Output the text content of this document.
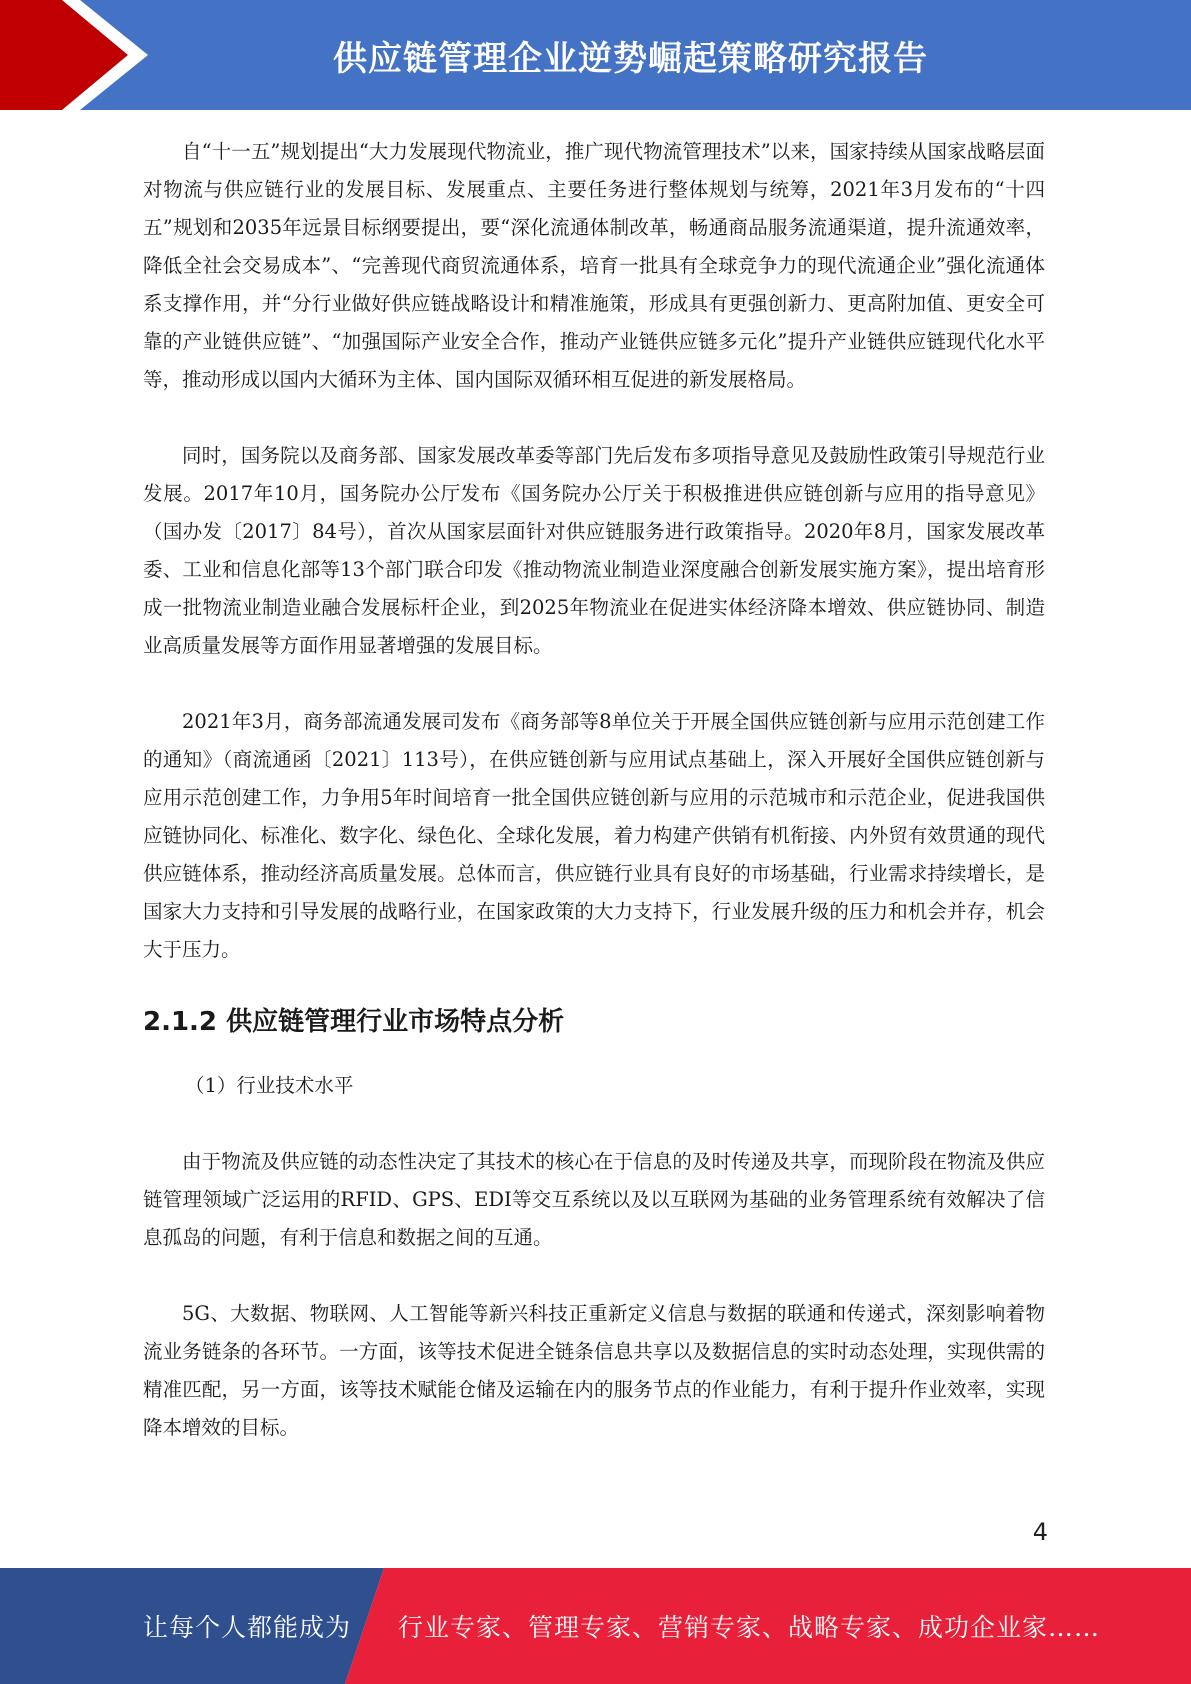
供应链管理企业逆势崛起策略研究报告

自“十一五”规划提出“大力发展现代物流业，推广现代物流管理技术”以来，国家持续从国家战略层面对物流与供应链行业的发展目标、发展重点、主要任务进行整体规划与统筹，2021年3月发布的“十四五”规划和2035年远景目标纲要提出，要“深化流通体制改革，畅通商品服务流通渠道，提升流通效率，降低全社会交易成本”、“完善现代商贸流通体系，培育一批具有全球竞争力的现代流通企业”强化流通体系支撑作用，并“分行业做好供应链战略设计和精准施策，形成具有更强创新力、更高附加值、更安全可靠的产业链供应链”、“加强国际产业安全合作，推动产业链供应链多元化”提升产业链供应链现代化水平等，推动形成以国内大循环为主体、国内国际双循环相互促进的新发展格局。

同时，国务院以及商务部、国家发展改革委等部门先后发布多项指导意见及鼓励性政策引导规范行业发展。2017年10月，国务院办公厅发布《国务院办公厅关于积极推进供应链创新与应用的指导意见》（国办发〔2017〕84号），首次从国家层面针对供应链服务进行政策指导。2020年8月，国家发展改革委、工业和信息化部等13个部门联合印发《推动物流业制造业深度融合创新发展实施方案》，提出培育形成一批物流业制造业融合发展标杆企业，到2025年物流业在促进实体经济降本增效、供应链协同、制造业高质量发展等方面作用显著增强的发展目标。

2021年3月，商务部流通发展司发布《商务部等8单位关于开展全国供应链创新与应用示范创建工作的通知》（商流通函〔2021〕113号），在供应链创新与应用试点基础上，深入开展好全国供应链创新与应用示范创建工作，力争用5年时间培育一批全国供应链创新与应用的示范城市和示范企业，促进我国供应链协同化、标准化、数字化、绿色化、全球化发展，着力构建产供销有机衔接、内外贸有效贯通的现代供应链体系，推动经济高质量发展。总体而言，供应链行业具有良好的市场基础，行业需求持续增长，是国家大力支持和引导发展的战略行业，在国家政策的大力支持下，行业发展升级的压力和机会并存，机会大于压力。

2.1.2 供应链管理行业市场特点分析

（1）行业技术水平

由于物流及供应链的动态性决定了其技术的核心在于信息的及时传递及共享，而现阶段在物流及供应链管理领域广泛运用的RFID、GPS、EDI等交互系统以及以互联网为基础的业务管理系统有效解决了信息孤岛的问题，有利于信息和数据之间的互通。

5G、大数据、物联网、人工智能等新兴科技正重新定义信息与数据的联通和传递式，深刻影响着物流业务链条的各环节。一方面，该等技术促进全链条信息共享以及数据信息的实时动态处理，实现供需的精准匹配，另一方面，该等技术赋能仓储及运输在内的服务节点的作业能力，有利于提升作业效率，实现降本增效的目标。

4
让每个人都能成为 行业专家、管理专家、营销专家、战略专家、成功企业家……
